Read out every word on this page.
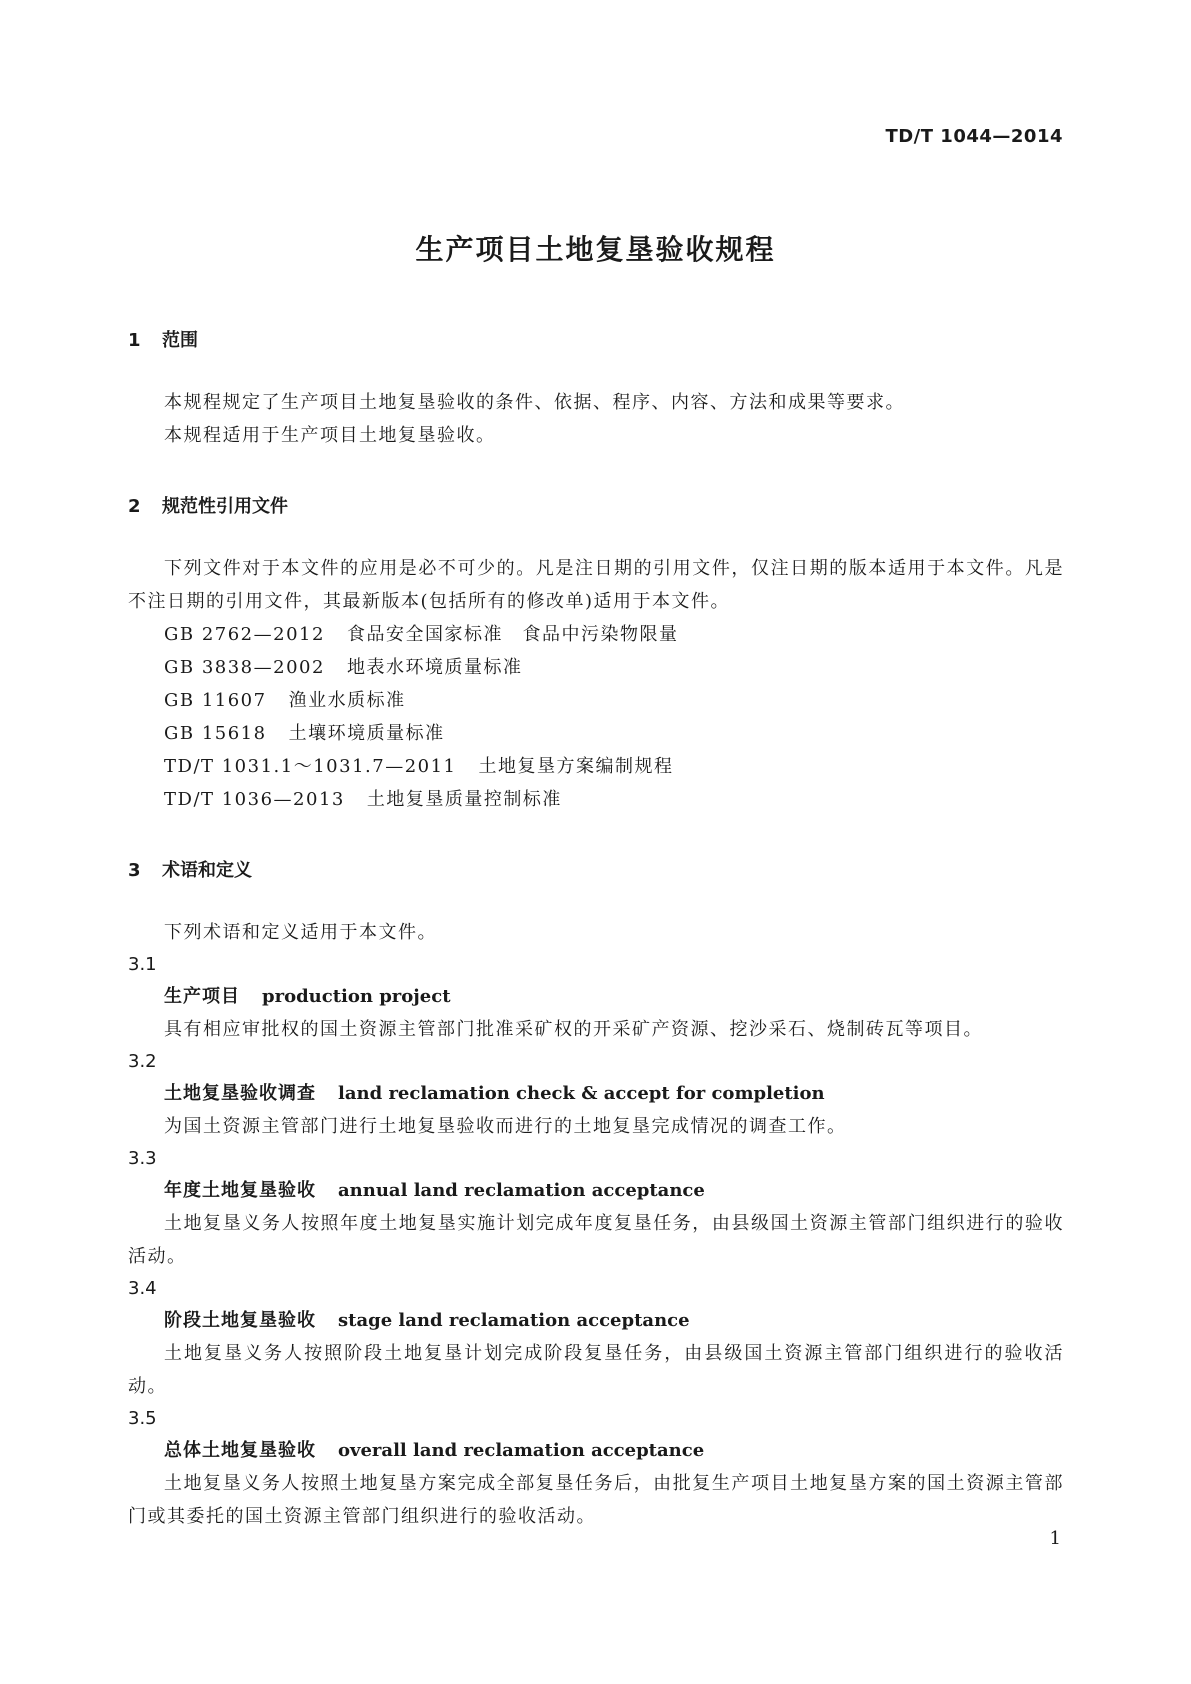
TD/T 1044—2014
生产项目土地复垦验收规程
1 范围

本规程规定了生产项目土地复垦验收的条件、依据、程序、内容、方法和成果等要求。

本规程适用于生产项目土地复垦验收。

2 规范性引用文件

下列文件对于本文件的应用是必不可少的。凡是注日期的引用文件，仅注日期的版本适用于本文件。凡是不注日期的引用文件，其最新版本(包括所有的修改单)适用于本文件。

GB 2762—2012 食品安全国家标准　食品中污染物限量
GB 3838—2002 地表水环境质量标准
GB 11607 渔业水质标准
GB 15618 土壤环境质量标准
TD/T 1031.1～1031.7—2011 土地复垦方案编制规程
TD/T 1036—2013 土地复垦质量控制标准
3 术语和定义

下列术语和定义适用于本文件。

3.1
生产项目 production project

具有相应审批权的国土资源主管部门批准采矿权的开采矿产资源、挖沙采石、烧制砖瓦等项目。

3.2
土地复垦验收调查 land reclamation check & accept for completion

为国土资源主管部门进行土地复垦验收而进行的土地复垦完成情况的调查工作。

3.3
年度土地复垦验收 annual land reclamation acceptance

土地复垦义务人按照年度土地复垦实施计划完成年度复垦任务，由县级国土资源主管部门组织进行的验收活动。

3.4
阶段土地复垦验收 stage land reclamation acceptance

土地复垦义务人按照阶段土地复垦计划完成阶段复垦任务，由县级国土资源主管部门组织进行的验收活动。

3.5
总体土地复垦验收 overall land reclamation acceptance

土地复垦义务人按照土地复垦方案完成全部复垦任务后，由批复生产项目土地复垦方案的国土资源主管部门或其委托的国土资源主管部门组织进行的验收活动。

1
